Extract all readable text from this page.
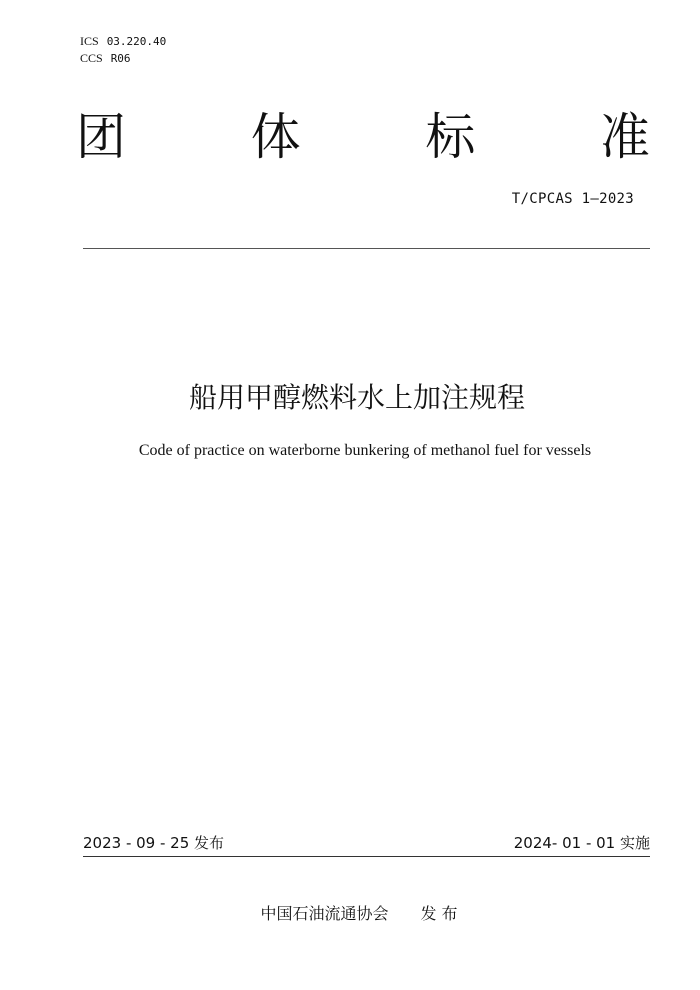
ICS 03.220.40
CCS R06
团 体 标 准
T/CPCAS 1—2023
船用甲醇燃料水上加注规程
Code of practice on waterborne bunkering of methanol fuel for vessels
2023 - 09 - 25 发布	2024- 01 - 01 实施
中国石油流通协会 发 布
